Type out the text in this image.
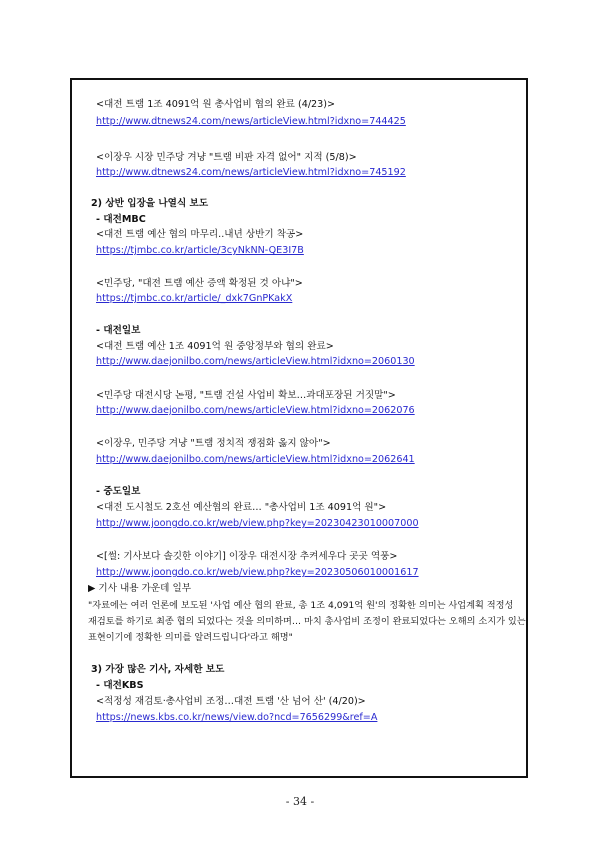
<대전 트램 1조 4091억 원 총사업비 협의 완료 (4/23)>
http://www.dtnews24.com/news/articleView.html?idxno=744425
<이장우 시장 민주당 겨냥 "트램 비판 자격 없어" 지적 (5/8)>
http://www.dtnews24.com/news/articleView.html?idxno=745192
2) 상반 입장을 나열식 보도
- 대전MBC
<대전 트램 예산 협의 마무리..내년 상반기 착공>
https://tjmbc.co.kr/article/3cyNkNN-QE3I7B
<민주당, "대전 트램 예산 증액 확정된 것 아냐">
https://tjmbc.co.kr/article/_dxk7GnPKakX
- 대전일보
<대전 트램 예산 1조 4091억 원 중앙정부와 협의 완료>
http://www.daejonilbo.com/news/articleView.html?idxno=2060130
<민주당 대전시당 논평, "트램 건설 사업비 확보…과대포장된 거짓말">
http://www.daejonilbo.com/news/articleView.html?idxno=2062076
<이장우, 민주당 겨냥 "트램 정치적 쟁점화 옳지 않아">
http://www.daejonilbo.com/news/articleView.html?idxno=2062641
- 중도일보
<대전 도시철도 2호선 예산협의 완료… "총사업비 1조 4091억 원">
http://www.joongdo.co.kr/web/view.php?key=20230423010007000
<[썰: 기사보다 솔깃한 이야기] 이장우 대전시장 추켜세우다 곳곳 역풍>
http://www.joongdo.co.kr/web/view.php?key=20230506010001617
▶ 기사 내용 가운데 일부
"자료에는 여러 언론에 보도된 '사업 예산 협의 완료, 총 1조 4,091억 원'의 정확한 의미는 사업계획 적정성
재검토를 하기로 최종 협의 되었다는 것을 의미하며… 마치 총사업비 조정이 완료되었다는 오해의 소지가 있는
표현이기에 정확한 의미를 알려드립니다'라고 해명"
3) 가장 많은 기사, 자세한 보도
- 대전KBS
<적정성 재검토·총사업비 조정…대전 트램 '산 넘어 산' (4/20)>
https://news.kbs.co.kr/news/view.do?ncd=7656299&ref=A
- 34 -
